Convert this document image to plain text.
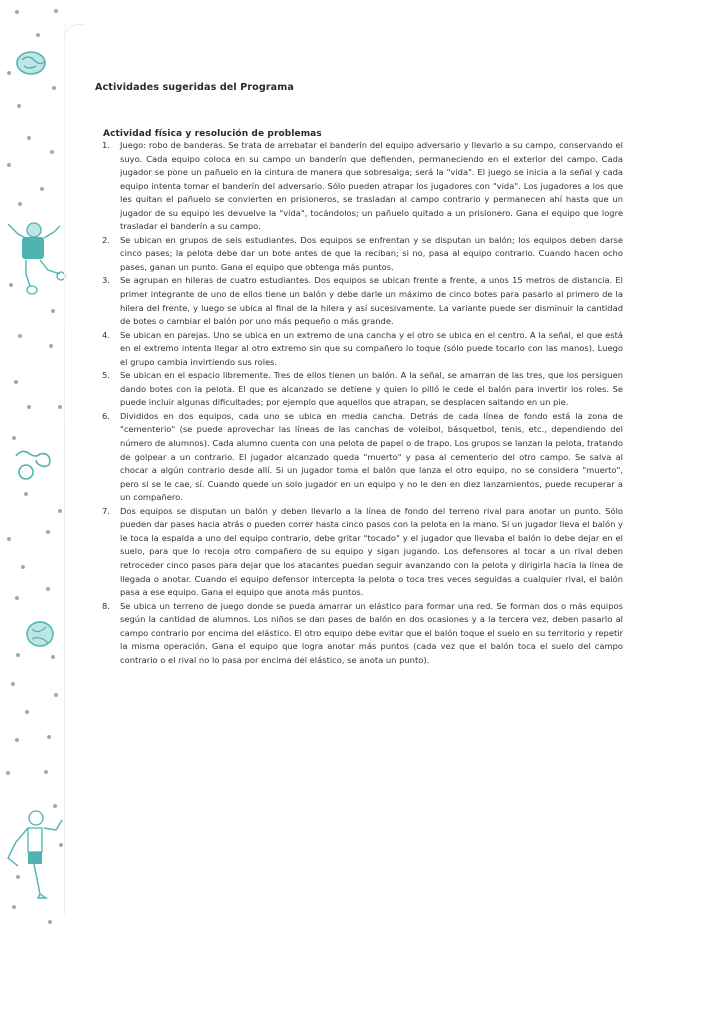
Actividades sugeridas del Programa
Actividad física y resolución de problemas
1. Juego: robo de banderas. Se trata de arrebatar el banderín del equipo adversario y llevarlo a su campo, conservando el suyo. Cada equipo coloca en su campo un banderín que defienden, permaneciendo en el exterior del campo. Cada jugador se pone un pañuelo en la cintura de manera que sobresalga; será la "vida". El juego se inicia a la señal y cada equipo intenta tomar el banderín del adversario. Sólo pueden atrapar los jugadores con "vida". Los jugadores a los que les quitan el pañuelo se convierten en prisioneros, se trasladan al campo contrario y permanecen ahí hasta que un jugador de su equipo les devuelve la "vida", tocándolos; un pañuelo quitado a un prisionero. Gana el equipo que logre trasladar el banderín a su campo.
2. Se ubican en grupos de seis estudiantes. Dos equipos se enfrentan y se disputan un balón; los equipos deben darse cinco pases; la pelota debe dar un bote antes de que la reciban; si no, pasa al equipo contrario. Cuando hacen ocho pases, ganan un punto. Gana el equipo que obtenga más puntos.
3. Se agrupan en hileras de cuatro estudiantes. Dos equipos se ubican frente a frente, a unos 15 metros de distancia. El primer integrante de uno de ellos tiene un balón y debe darle un máximo de cinco botes para pasarlo al primero de la hilera del frente, y luego se ubica al final de la hilera y así sucesivamente. La variante puede ser disminuir la cantidad de botes o cambiar el balón por uno más pequeño o más grande.
4. Se ubican en parejas. Uno se ubica en un extremo de una cancha y el otro se ubica en el centro. A la señal, el que está en el extremo intenta llegar al otro extremo sin que su compañero lo toque (sólo puede tocarlo con las manos). Luego el grupo cambia invirtiendo sus roles.
5. Se ubican en el espacio libremente. Tres de ellos tienen un balón. A la señal, se amarran de las tres, que los persiguen dando botes con la pelota. El que es alcanzado se detiene y quien lo pilló le cede el balón para invertir los roles. Se puede incluir algunas dificultades; por ejemplo que aquellos que atrapan, se desplacen saltando en un pie.
6. Divididos en dos equipos, cada uno se ubica en media cancha. Detrás de cada línea de fondo está la zona de "cementerio" (se puede aprovechar las líneas de las canchas de voleibol, básquetbol, tenis, etc., dependiendo del número de alumnos). Cada alumno cuenta con una pelota de papel o de trapo. Los grupos se lanzan la pelota, tratando de golpear a un contrario. El jugador alcanzado queda "muerto" y pasa al cementerio del otro campo. Se salva al chocar a algún contrario desde allí. Si un jugador toma el balón que lanza el otro equipo, no se considera "muerto", pero si se le cae, sí. Cuando quede un solo jugador en un equipo y no le den en diez lanzamientos, puede recuperar a un compañero.
7. Dos equipos se disputan un balón y deben llevarlo a la línea de fondo del terreno rival para anotar un punto. Sólo pueden dar pases hacia atrás o pueden correr hasta cinco pasos con la pelota en la mano. Si un jugador lleva el balón y le toca la espalda a uno del equipo contrario, debe gritar "tocado" y el jugador que llevaba el balón lo debe dejar en el suelo, para que lo recoja otro compañero de su equipo y sigan jugando. Los defensores al tocar a un rival deben retroceder cinco pasos para dejar que los atacantes puedan seguir avanzando con la pelota y dirigirla hacia la línea de llegada o anotar. Cuando el equipo defensor intercepta la pelota o toca tres veces seguidas a cualquier rival, el balón pasa a ese equipo. Gana el equipo que anota más puntos.
8. Se ubica un terreno de juego donde se pueda amarrar un elástico para formar una red. Se forman dos o más equipos según la cantidad de alumnos. Los niños se dan pases de balón en dos ocasiones y a la tercera vez, deben pasarlo al campo contrario por encima del elástico. El otro equipo debe evitar que el balón toque el suelo en su territorio y repetir la misma operación. Gana el equipo que logra anotar más puntos (cada vez que el balón toca el suelo del campo contrario o el rival no lo pasa por encima del elástico, se anota un punto).
